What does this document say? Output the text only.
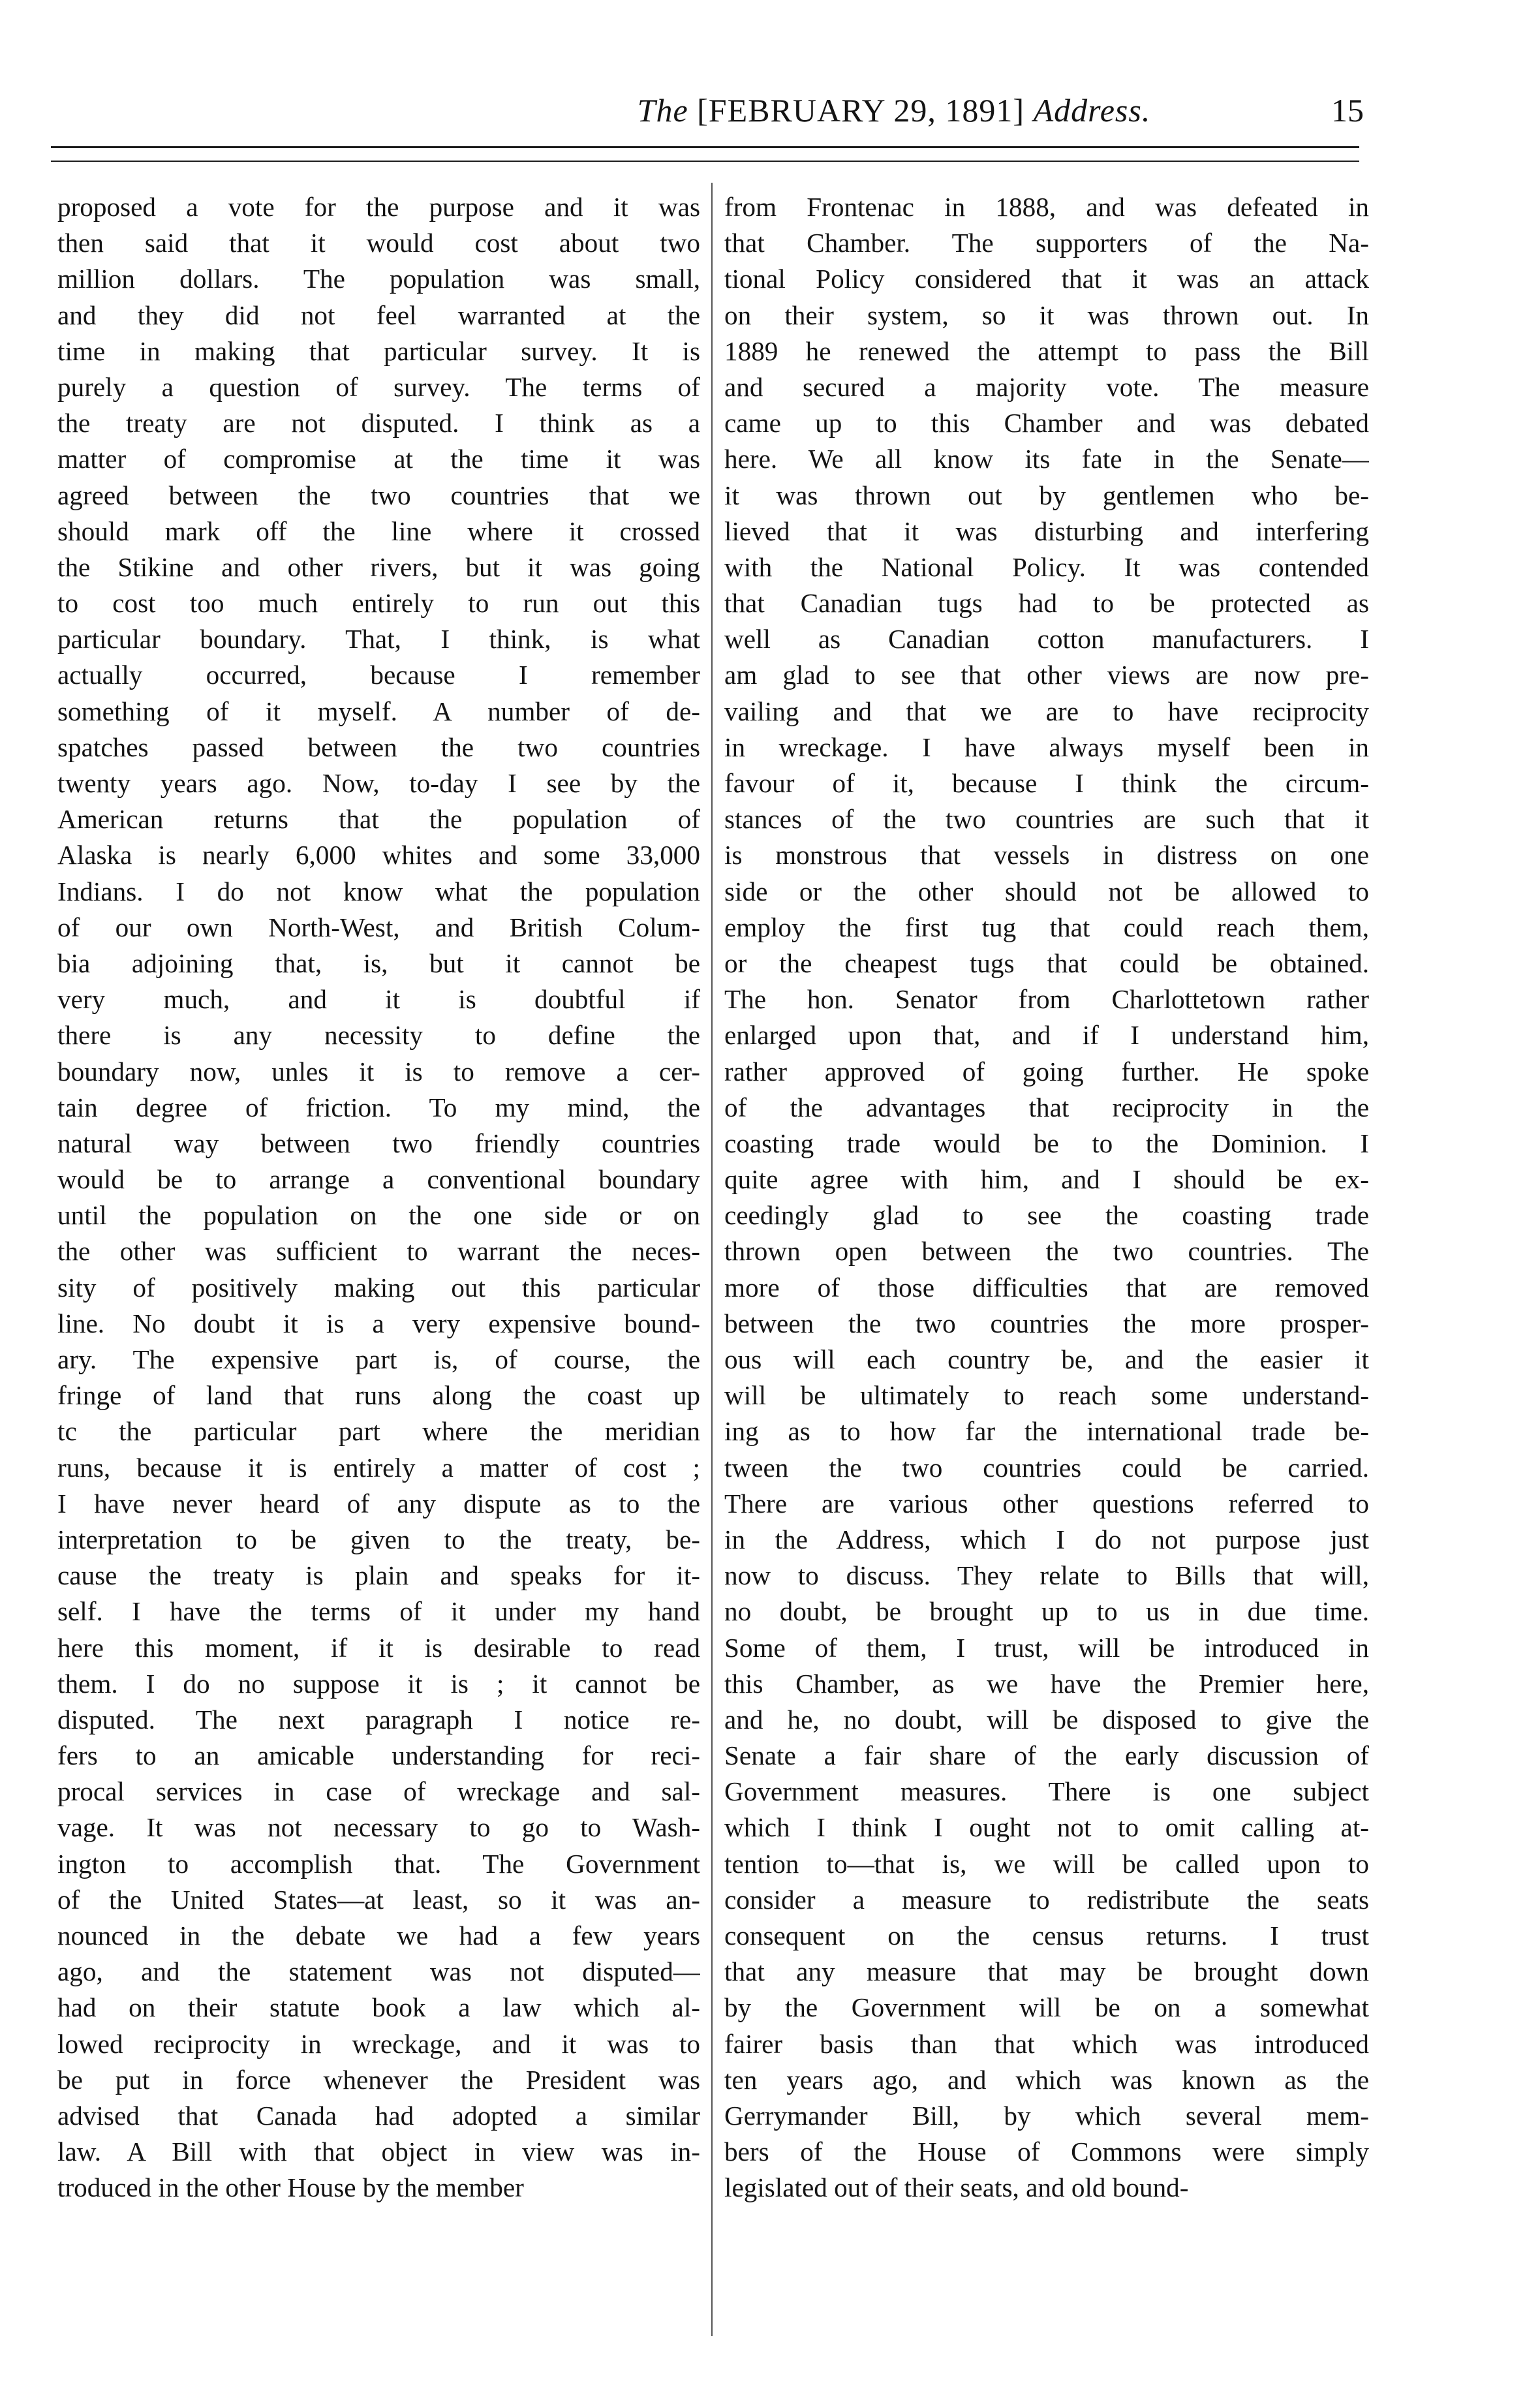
The [FEBRUARY 29, 1891] Address.	15
proposed a vote for the purpose and it was
then said that it would cost about two
million dollars. The population was small,
and they did not feel warranted at the
time in making that particular survey. It is
purely a question of survey. The terms of
the treaty are not disputed. I think as a
matter of compromise at the time it was
agreed between the two countries that we
should mark off the line where it crossed
the Stikine and other rivers, but it was going
to cost too much entirely to run out this
particular boundary. That, I think, is what
actually occurred, because I remember
something of it myself. A number of de-
spatches passed between the two countries
twenty years ago. Now, to-day I see by the
American returns that the population of
Alaska is nearly 6,000 whites and some 33,000
Indians. I do not know what the population
of our own North-West, and British Colum-
bia adjoining that, is, but it cannot be
very much, and it is doubtful if
there is any necessity to define the
boundary now, unles it is to remove a cer-
tain degree of friction. To my mind, the
natural way between two friendly countries
would be to arrange a conventional boundary
until the population on the one side or on
the other was sufficient to warrant the neces-
sity of positively making out this particular
line. No doubt it is a very expensive bound-
ary. The expensive part is, of course, the
fringe of land that runs along the coast up
tc the particular part where the meridian
runs, because it is entirely a matter of cost ;
I have never heard of any dispute as to the
interpretation to be given to the treaty, be-
cause the treaty is plain and speaks for it-
self. I have the terms of it under my hand
here this moment, if it is desirable to read
them. I do no suppose it is ; it cannot be
disputed. The next paragraph I notice re-
fers to an amicable understanding for reci-
procal services in case of wreckage and sal-
vage. It was not necessary to go to Wash-
ington to accomplish that. The Government
of the United States—at least, so it was an-
nounced in the debate we had a few years
ago, and the statement was not disputed—
had on their statute book a law which al-
lowed reciprocity in wreckage, and it was to
be put in force whenever the President was
advised that Canada had adopted a similar
law. A Bill with that object in view was in-
troduced in the other House by the member
from Frontenac in 1888, and was defeated in
that Chamber. The supporters of the Na-
tional Policy considered that it was an attack
on their system, so it was thrown out. In
1889 he renewed the attempt to pass the Bill
and secured a majority vote. The measure
came up to this Chamber and was debated
here. We all know its fate in the Senate—
it was thrown out by gentlemen who be-
lieved that it was disturbing and interfering
with the National Policy. It was contended
that Canadian tugs had to be protected as
well as Canadian cotton manufacturers. I
am glad to see that other views are now pre-
vailing and that we are to have reciprocity
in wreckage. I have always myself been in
favour of it, because I think the circum-
stances of the two countries are such that it
is monstrous that vessels in distress on one
side or the other should not be allowed to
employ the first tug that could reach them,
or the cheapest tugs that could be obtained.
The hon. Senator from Charlottetown rather
enlarged upon that, and if I understand him,
rather approved of going further. He spoke
of the advantages that reciprocity in the
coasting trade would be to the Dominion. I
quite agree with him, and I should be ex-
ceedingly glad to see the coasting trade
thrown open between the two countries. The
more of those difficulties that are removed
between the two countries the more prosper-
ous will each country be, and the easier it
will be ultimately to reach some understand-
ing as to how far the international trade be-
tween the two countries could be carried.
There are various other questions referred to
in the Address, which I do not purpose just
now to discuss. They relate to Bills that will,
no doubt, be brought up to us in due time.
Some of them, I trust, will be introduced in
this Chamber, as we have the Premier here,
and he, no doubt, will be disposed to give the
Senate a fair share of the early discussion of
Government measures. There is one subject
which I think I ought not to omit calling at-
tention to—that is, we will be called upon to
consider a measure to redistribute the seats
consequent on the census returns. I trust
that any measure that may be brought down
by the Government will be on a somewhat
fairer basis than that which was introduced
ten years ago, and which was known as the
Gerrymander Bill, by which several mem-
bers of the House of Commons were simply
legislated out of their seats, and old bound-
